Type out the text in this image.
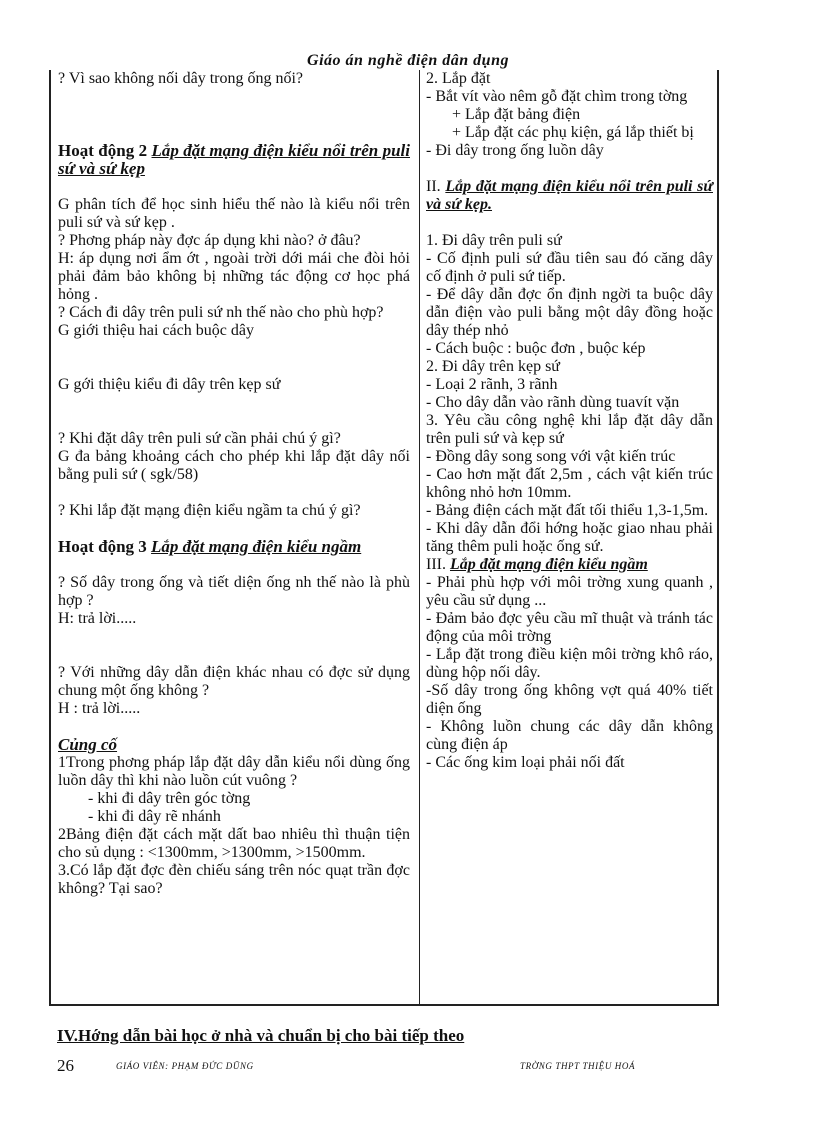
Giáo án nghề điện dân dụng

? Vì sao không nối dây trong ống nối?

Hoạt động 2 Lắp đặt mạng điện kiểu nổi trên puli sứ và sứ kẹp

G phân tích để học sinh hiểu thế nào là kiểu nổi trên puli sứ và sứ kẹp .

? Phơng pháp này đợc áp dụng khi nào? ở đâu?

H: áp dụng nơi ẩm ớt , ngoài trời dới mái che đòi hỏi phải đảm bảo không bị những tác động cơ học phá hỏng .

? Cách đi dây trên puli sứ nh thế nào cho phù hợp?

G giới thiệu hai cách buộc dây

G gới thiệu kiểu đi dây trên kẹp sứ

? Khi đặt dây trên puli sứ cần phải chú ý gì?

G đa bảng khoảng cách cho phép khi lắp đặt dây nối bằng puli sứ ( sgk/58)

? Khi lắp đặt mạng điện kiểu ngầm ta chú ý gì?

Hoạt động 3 Lắp đặt mạng điện kiểu ngầm

? Số dây trong ống và tiết diện ống nh thế nào là phù hợp ?

H: trả lời.....

? Với những dây dẫn điện khác nhau có đợc sử dụng chung một ống không ?

H : trả lời.....

Củng cố

1Trong phơng pháp lắp đặt dây dẫn kiểu nổi dùng ống luồn dây thì khi nào luồn cút vuông ?

- khi đi dây trên góc tờng

- khi đi dây rẽ nhánh

2Bảng điện đặt cách mặt dất bao nhiêu thì thuận tiện cho sủ dụng : <1300mm, >1300mm, >1500mm.

3.Có lắp đặt đợc đèn chiếu sáng trên nóc quạt trần đợc không? Tại sao?

2. Lắp đặt

- Bắt vít vào nêm gỗ đặt chìm trong tờng

+ Lắp đặt bảng điện

+ Lắp đặt các phụ kiện, gá lắp thiết bị

- Đi dây trong ống luồn dây

II. Lắp đặt mạng điện kiểu nổi trên puli sứ và sứ kẹp.

1. Đi dây trên puli sứ

- Cố định puli sứ đầu tiên sau đó căng dây cố định ở puli sứ tiếp.

- Để dây dẫn đợc ổn định ngời ta buộc dây dẫn điện vào puli bằng một dây đồng hoặc dây thép nhỏ

- Cách buộc : buộc đơn , buộc kép

2. Đi dây trên kẹp sứ

- Loại 2 rãnh, 3 rãnh

- Cho dây dẫn vào rãnh dùng tuavít vặn

3. Yêu cầu công nghệ khi lắp đặt dây dẫn trên puli sứ và kẹp sứ

- Đồng dây song song với vật kiến trúc

- Cao hơn mặt đất 2,5m , cách vật kiến trúc không nhỏ hơn 10mm.

- Bảng điện cách mặt đất tối thiểu 1,3-1,5m.

- Khi dây dẫn đổi hớng hoặc giao nhau phải tăng thêm puli hoặc ống sứ.

III. Lắp đặt mạng điện kiểu ngầm

- Phải phù hợp với môi trờng xung quanh , yêu cầu sử dụng ...

- Đảm bảo đợc yêu cầu mĩ thuật và tránh tác động của môi trờng

- Lắp đặt trong điều kiện môi trờng khô ráo, dùng hộp nối dây.

-Số dây trong ống không vợt quá 40% tiết diện ống

- Không luồn chung các dây dẫn không cùng điện áp

- Các ống kim loại phải nối đất

IV.Hớng dẫn bài học ở nhà và chuẩn bị cho bài tiếp theo
26	GIÁO VIÊN: PHẠM ĐỨC DŨNG	TRỜNG THPT THIỆU HOÁ
